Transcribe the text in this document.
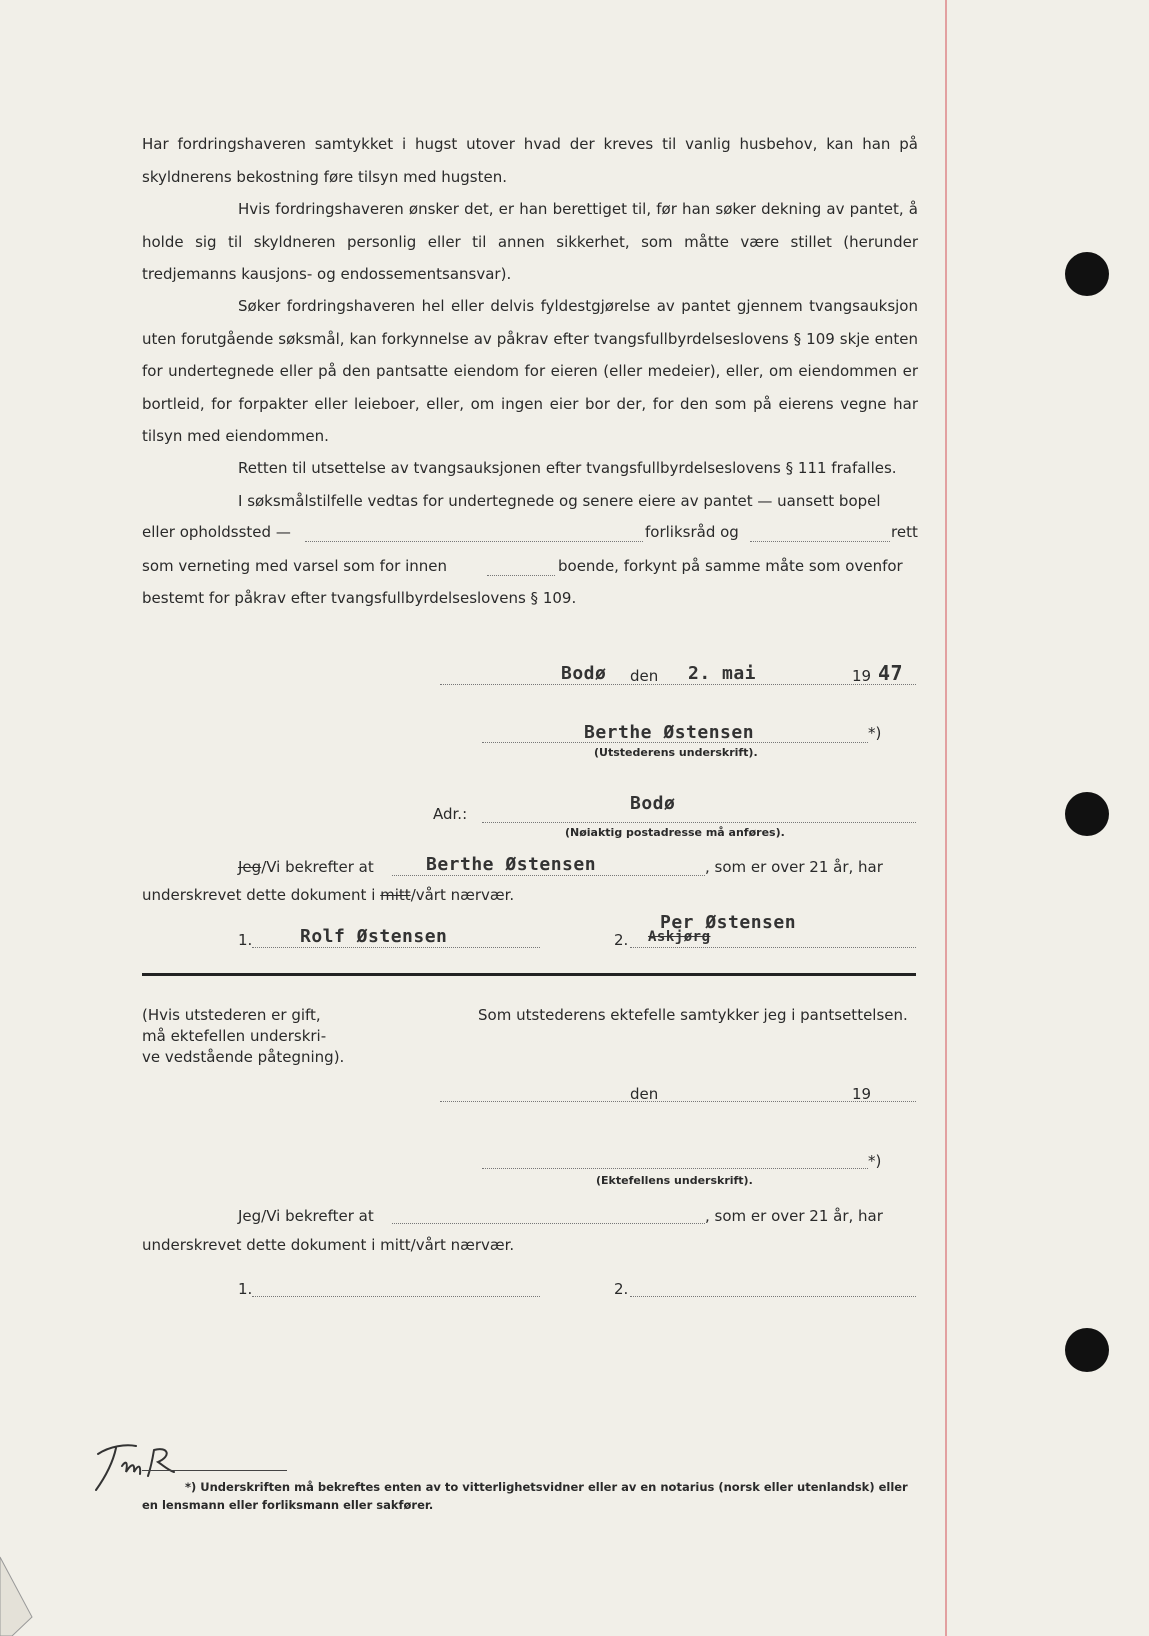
Har fordringshaveren samtykket i hugst utover hvad der kreves til vanlig husbehov, kan han på skyldnerens bekostning føre tilsyn med hugsten.

Hvis fordringshaveren ønsker det, er han berettiget til, før han søker dekning av pantet, å holde sig til skyldneren personlig eller til annen sikkerhet, som måtte være stillet (herunder tredjemanns kausjons- og endossementsansvar).

Søker fordringshaveren hel eller delvis fyldestgjørelse av pantet gjennem tvangsauksjon uten forutgående søksmål, kan forkynnelse av påkrav efter tvangsfullbyrdelseslovens § 109 skje enten for undertegnede eller på den pantsatte eiendom for eieren (eller medeier), eller, om eiendommen er bortleid, for forpakter eller leieboer, eller, om ingen eier bor der, for den som på eierens vegne har tilsyn med eiendommen.

Retten til utsettelse av tvangsauksjonen efter tvangsfullbyrdelseslovens § 111 frafalles.

I søksmålstilfelle vedtas for undertegnede og senere eiere av pantet — uansett bopel

eller opholdssted —	forliksråd og	rett
som verneting med varsel som for innen	boende, forkynt på samme måte som ovenfor
bestemt for påkrav efter tvangsfullbyrdelseslovens § 109.
Bodø den 2. mai	19 47
Berthe Østensen	*)
(Utstederens underskrift).
Adr.:	Bodø
(Nøiaktig postadresse må anføres).
Jeg/Vi bekrefter at	Berthe Østensen	, som er over 21 år, har
underskrevet dette dokument i mitt/vårt nærvær.
1.	Rolf Østensen	2.
Per Østensen
Askjørg
(Hvis utstederen er gift,
må ektefellen underskri-
ve vedstående påtegning).
Som utstederens ektefelle samtykker jeg i pantsettelsen.
den	19
*)
(Ektefellens underskrift).
Jeg/Vi bekrefter at	, som er over 21 år, har
underskrevet dette dokument i mitt/vårt nærvær.
1.	2.
*) Underskriften må bekreftes enten av to vitterlighetsvidner eller av en notarius (norsk eller utenlandsk) eller
en lensmann eller forliksmann eller sakfører.
